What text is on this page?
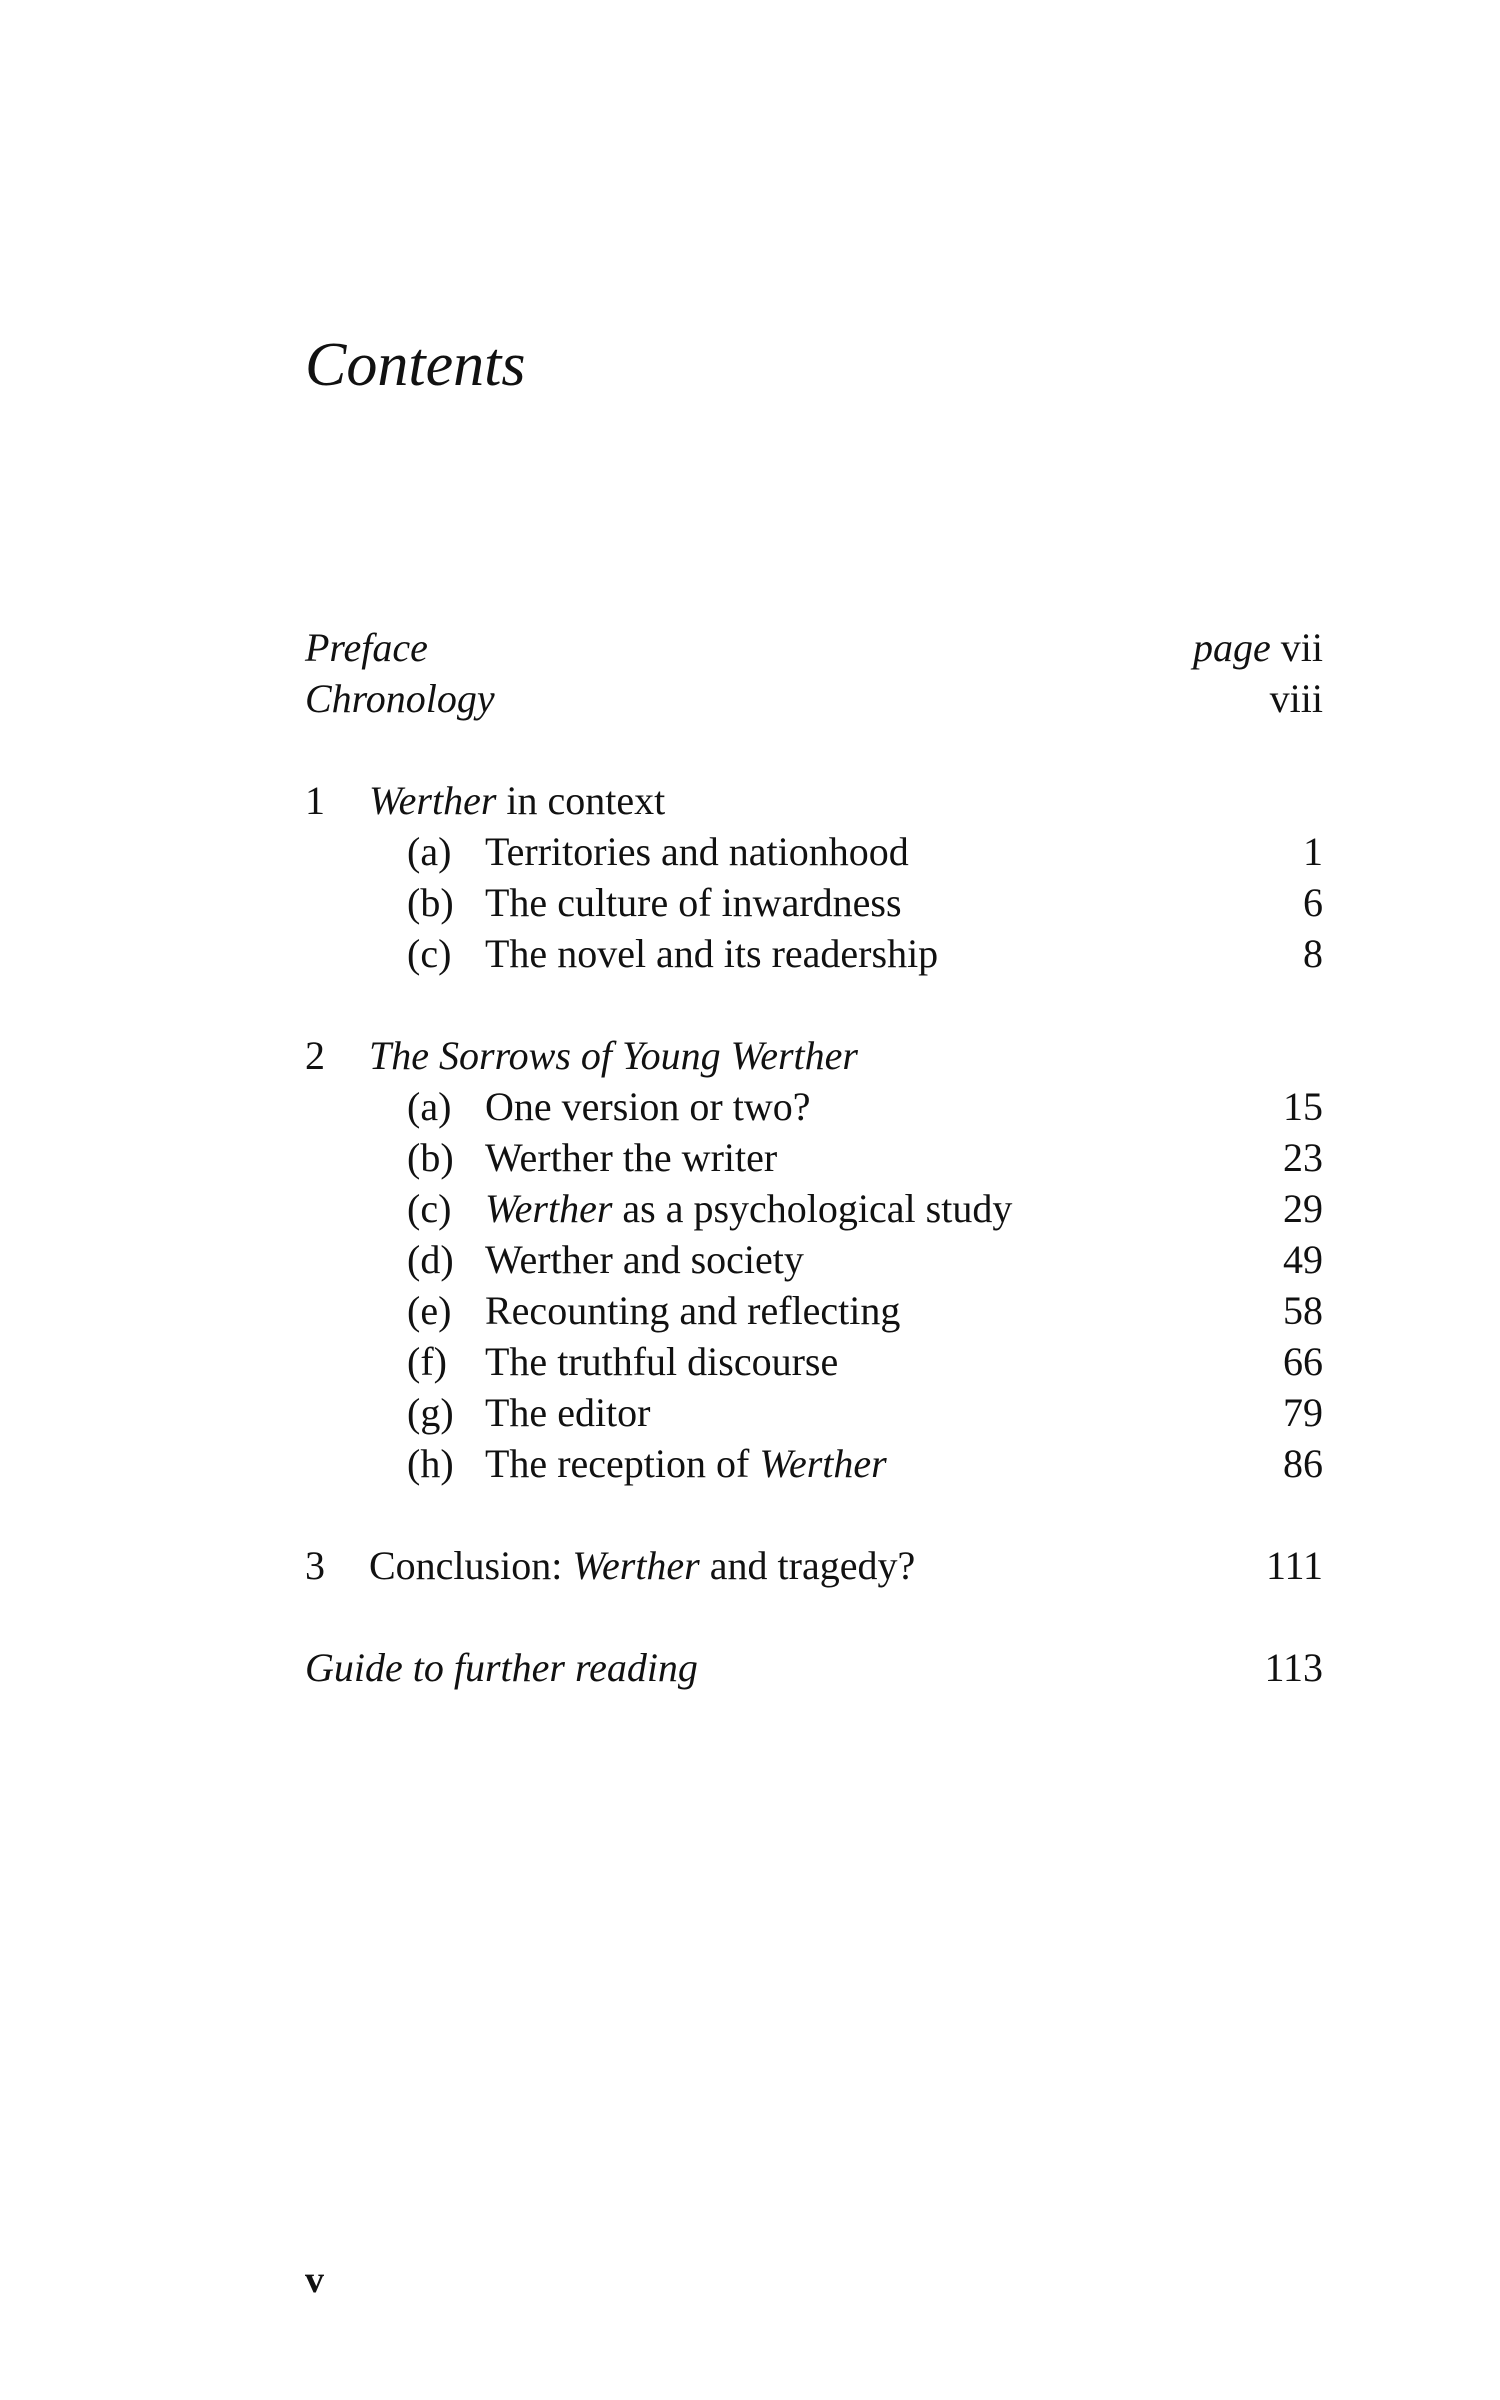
Contents
Preface	page vii
Chronology	viii
1 Werther in context
(a) Territories and nationhood	1
(b) The culture of inwardness	6
(c) The novel and its readership	8
2 The Sorrows of Young Werther
(a) One version or two?	15
(b) Werther the writer	23
(c) Werther as a psychological study	29
(d) Werther and society	49
(e) Recounting and reflecting	58
(f) The truthful discourse	66
(g) The editor	79
(h) The reception of Werther	86
3 Conclusion: Werther and tragedy?	111
Guide to further reading	113
v
